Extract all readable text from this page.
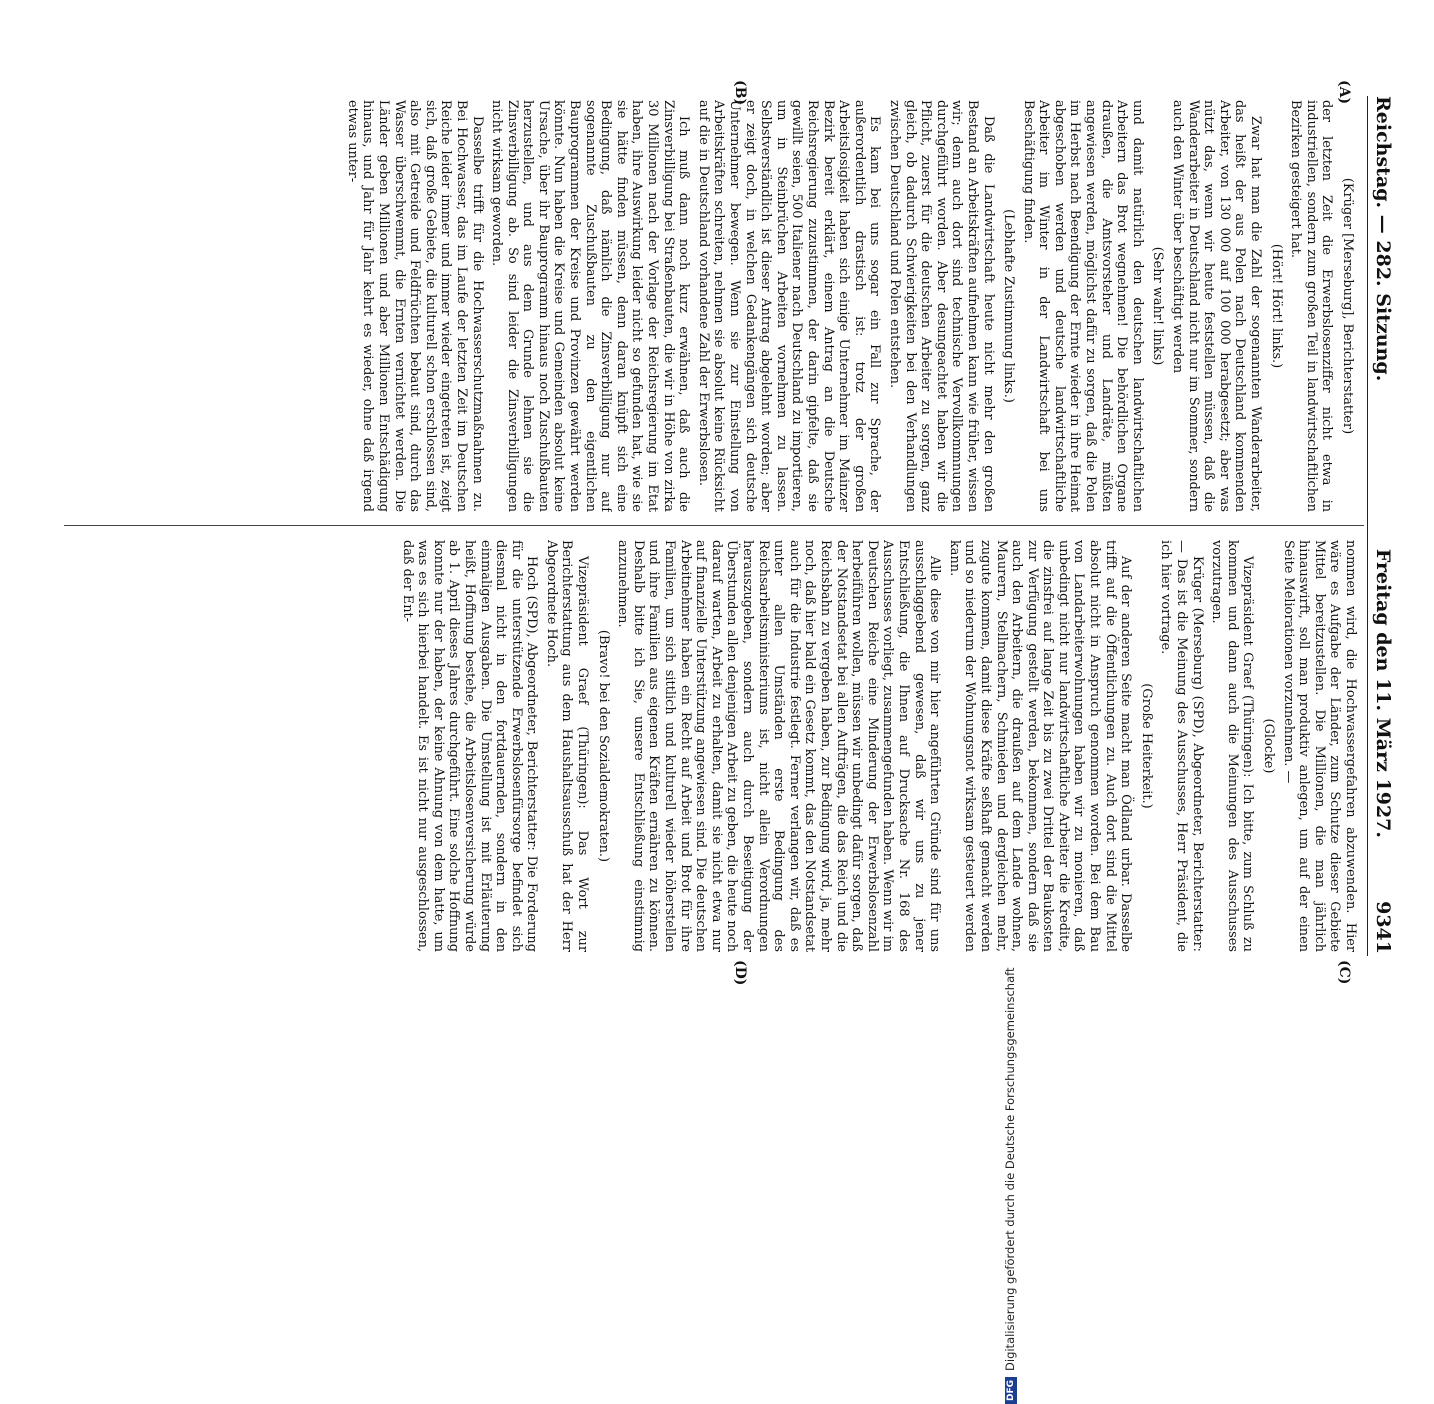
Reichstag. — 282. Sitzung.
Freitag den 11. März 1927.
9341
(A)
(B)
(C)
(D)

(Krüger [Merseburg], Berichterstatter)

der letzten Zeit die Erwerbslosenziffer nicht etwa in industriellen, sondern zum großen Teil in landwirtschaftlichen Bezirken gesteigert hat.

(Hört! Hört! links.)

Zwar hat man die Zahl der sogenannten Wanderarbeiter, das heißt der aus Polen nach Deutschland kommenden Arbeiter, von 130 000 auf 100 000 herabgesetzt; aber was nützt das, wenn wir heute feststellen müssen, daß die Wanderarbeiter in Deutschland nicht nur im Sommer, sondern auch den Winter über beschäftigt werden

(Sehr wahr! links)

und damit natürlich den deutschen landwirtschaftlichen Arbeitern das Brot wegnehmen! Die behördlichen Organe draußen, die Amtsvorsteher und Landräte, müßten angewiesen werden, möglichst dafür zu sorgen, daß die Polen im Herbst nach Beendigung der Ernte wieder in ihre Heimat abgeschoben werden und deutsche landwirtschaftliche Arbeiter im Winter in der Landwirtschaft bei uns Beschäftigung finden.

(Lebhafte Zustimmung links.)

Daß die Landwirtschaft heute nicht mehr den großen Bestand an Arbeitskräften aufnehmen kann wie früher, wissen wir; denn auch dort sind technische Vervollkommnungen durchgeführt worden. Aber desungeachtet haben wir die Pflicht, zuerst für die deutschen Arbeiter zu sorgen, ganz gleich, ob dadurch Schwierigkeiten bei den Verhandlungen zwischen Deutschland und Polen entstehen.

Es kam bei uns sogar ein Fall zur Sprache, der außerordentlich drastisch ist: trotz der großen Arbeitslosigkeit haben sich einige Unternehmer im Mainzer Bezirk bereit erklärt, einem Antrag an die Deutsche Reichsregierung zuzustimmen, der darin gipfelte, daß sie gewillt seien, 500 Italiener nach Deutschland zu importieren, um in Steinbrüchen Arbeiten vornehmen zu lassen. Selbstverständlich ist dieser Antrag abgelehnt worden; aber er zeigt doch, in welchen Gedankengängen sich deutsche Unternehmer bewegen. Wenn sie zur Einstellung von Arbeitskräften schreiten, nehmen sie absolut keine Rücksicht auf die in Deutschland vorhandene Zahl der Erwerbslosen.

Ich muß dann noch kurz erwähnen, daß auch die Zinsverbilligung bei Straßenbauten, die wir in Höhe von zirka 30 Millionen nach der Vorlage der Reichsregierung im Etat haben, ihre Auswirkung leider nicht so gefunden hat, wie sie sie hätte finden müssen, denn daran knüpft sich eine Bedingung, daß nämlich die Zinsverbilligung nur auf sogenannte Zuschußbauten zu den eigentlichen Bauprogrammen der Kreise und Provinzen gewährt werden könnte. Nun haben die Kreise und Gemeinden absolut keine Ursache, über ihr Bauprogramm hinaus noch Zuschußbauten herzustellen, und aus dem Grunde lehnen sie die Zinsverbilligung ab. So sind leider die Zinsverbilligungen nicht wirksam geworden.

Dasselbe trifft für die Hochwasserschutzmaßnahmen zu. Bei Hochwasser, das im Laufe der letzten Zeit im Deutschen Reiche leider immer und immer wieder eingetreten ist, zeigt sich, daß große Gebiete, die kulturell schon erschlossen sind, also mit Getreide und Feldfrüchten bebaut sind, durch das Wasser überschwemmt, die Ernten vernichtet werden. Die Länder geben Millionen und aber Millionen Entschädigung hinaus, und Jahr für Jahr kehrt es wieder, ohne daß irgend etwas unter-

nommen wird, die Hochwassergefahren abzuwenden. Hier wäre es Aufgabe der Länder, zum Schutze dieser Gebiete Mittel bereitzustellen. Die Millionen, die man jährlich hinauswirft, soll man produktiv anlegen, um auf der einen Seite Meliorationen vorzunehmen. —

(Glocke)

Vizepräsident Graef (Thüringen): Ich bitte, zum Schluß zu kommen und dann auch die Meinungen des Ausschusses vorzutragen.

Krüger (Merseburg) (SPD), Abgeordneter, Berichterstatter: — Das ist die Meinung des Ausschusses, Herr Präsident, die ich hier vortrage.

(Große Heiterkeit.)

Auf der anderen Seite macht man Ödland urbar. Dasselbe trifft auf die Öffentlichungen zu. Auch dort sind die Mittel absolut nicht in Anspruch genommen worden. Bei dem Bau von Landarbeiterwohnungen haben wir zu monieren, daß unbedingt nicht nur landwirtschaftliche Arbeiter die Kredite, die zinsfrei auf lange Zeit bis zu zwei Drittel der Baukosten zur Verfügung gestellt werden, bekommen, sondern daß sie auch den Arbeitern, die draußen auf dem Lande wohnen, Maurern, Stellmachern, Schmieden und dergleichen mehr, zugute kommen, damit diese Kräfte seßhaft gemacht werden und so niederum der Wohnungsnot wirksam gesteuert werden kann.

Alle diese von mir hier angeführten Gründe sind für uns ausschlaggebend gewesen, daß wir uns zu jener Entschließung, die Ihnen auf Drucksache Nr. 168 des Ausschusses vorliegt, zusammengefunden haben. Wenn wir im Deutschen Reiche eine Minderung der Erwerbslosenzahl herbeiführen wollen, müssen wir unbedingt dafür sorgen, daß der Notstandsetat bei allen Aufträgen, die das Reich und die Reichsbahn zu vergeben haben, zur Bedingung wird, ja, mehr noch, daß hier bald ein Gesetz kommt, das den Notstandsetat auch für die Industrie festlegt. Ferner verlangen wir, daß es unter allen Umständen erste Bedingung des Reichsarbeitsministeriums ist, nicht allein Verordnungen herauszugeben, sondern auch durch Beseitigung der Überstunden allen denjenigen Arbeit zu geben, die heute noch darauf warten, Arbeit zu erhalten, damit sie nicht etwa nur auf finanzielle Unterstützung angewiesen sind. Die deutschen Arbeitnehmer haben ein Recht auf Arbeit und Brot für ihre Familien, um sich sittlich und kulturell wieder höherstellen und ihre Familien aus eigenen Kräften ernähren zu können. Deshalb bitte ich Sie, unsere Entschließung einstimmig anzunehmen.

(Bravo! bei den Sozialdemokraten.)

Vizepräsident Graef (Thüringen): Das Wort zur Berichterstattung aus dem Haushaltsausschuß hat der Herr Abgeordnete Hoch.

Hoch (SPD), Abgeordneter, Berichterstatter: Die Forderung für die unterstützende Erwerbslosenfürsorge befindet sich diesmal nicht in den fortdauernden, sondern in den einmaligen Ausgaben. Die Umstellung ist mit Erläuterung heißt, Hoffnung bestehe, die Arbeitslosenversicherung würde ab 1. April dieses Jahres durchgeführt. Eine solche Hoffnung konnte nur der haben, der keine Ahnung von dem hatte, um was es sich hierbei handelt. Es ist nicht nur ausgeschlossen, daß der Ent-

DFGDigitalisierung gefördert durch die Deutsche Forschungsgemeinschaft
